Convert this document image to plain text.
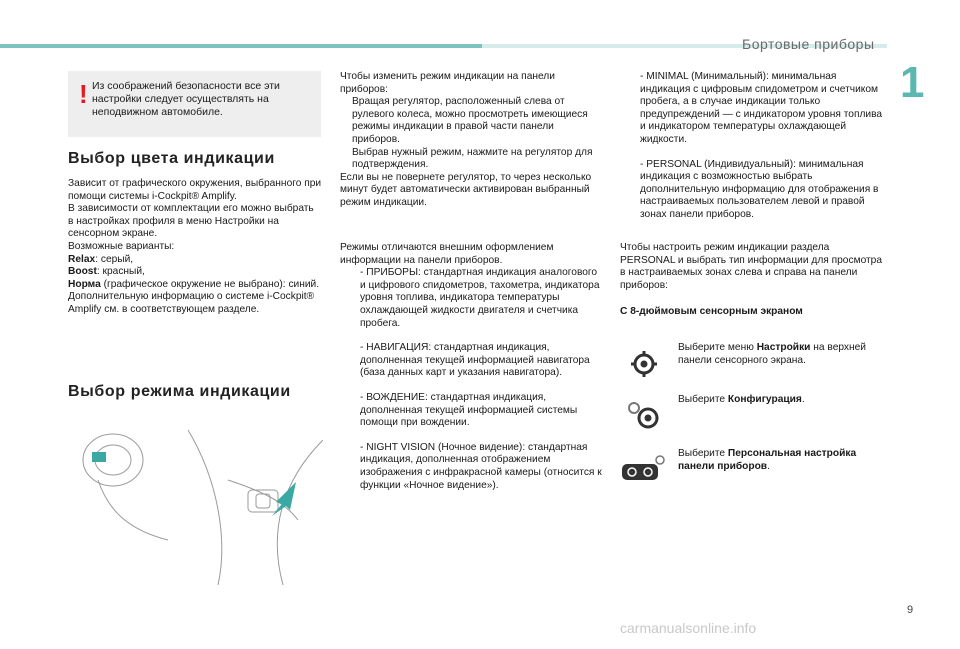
Бортовые приборы
1
9
! Из соображений безопасности все эти настройки следует осуществлять на неподвижном автомобиле.
Выбор цвета индикации
Зависит от графического окружения, выбранного при
помощи системы i-Cockpit® Amplify.
В зависимости от комплектации его можно выбрать
в настройках профиля в меню Настройки на
сенсорном экране.
Возможные варианты:
Relax: серый,
Boost: красный,
Норма (графическое окружение не выбрано): синий.
Дополнительную информацию о системе i-Cockpit®
Amplify см. в соответствующем разделе.
Выбор режима индикации
Чтобы изменить режим индикации на панели
приборов:
Вращая регулятор, расположенный слева от рулевого колеса, можно просмотреть имеющиеся режимы индикации в правой части панели приборов.
Выбрав нужный режим, нажмите на регулятор для подтверждения.
Если вы не повернете регулятор, то через несколько минут будет автоматически активирован выбранный режим индикации.
Режимы отличаются внешним оформлением информации на панели приборов.
- ПРИБОРЫ: стандартная индикация аналогового и цифрового спидометров, тахометра, индикатора уровня топлива, индикатора температуры охлаждающей жидкости двигателя и счетчика пробега.
- НАВИГАЦИЯ: стандартная индикация, дополненная текущей информацией навигатора (база данных карт и указания навигатора).
- ВОЖДЕНИЕ: стандартная индикация, дополненная текущей информацией системы помощи при вождении.
- NIGHT VISION (Ночное видение): стандартная индикация, дополненная отображением изображения с инфракрасной камеры (относится к функции «Ночное видение»).
- MINIMAL (Минимальный): минимальная индикация с цифровым спидометром и счетчиком пробега, а в случае индикации только предупреждений — с индикатором уровня топлива и индикатором температуры охлаждающей жидкости.
- PERSONAL (Индивидуальный): минимальная индикация с возможностью выбрать дополнительную информацию для отображения в настраиваемых пользователем левой и правой зонах панели приборов.
Чтобы настроить режим индикации раздела PERSONAL и выбрать тип информации для просмотра в настраиваемых зонах слева и справа на панели приборов:
С 8-дюймовым сенсорным экраном
Выберите меню Настройки на верхней панели сенсорного экрана.
Выберите Конфигурация.
Выберите Персональная настройка панели приборов.
carmanualsonline.info
